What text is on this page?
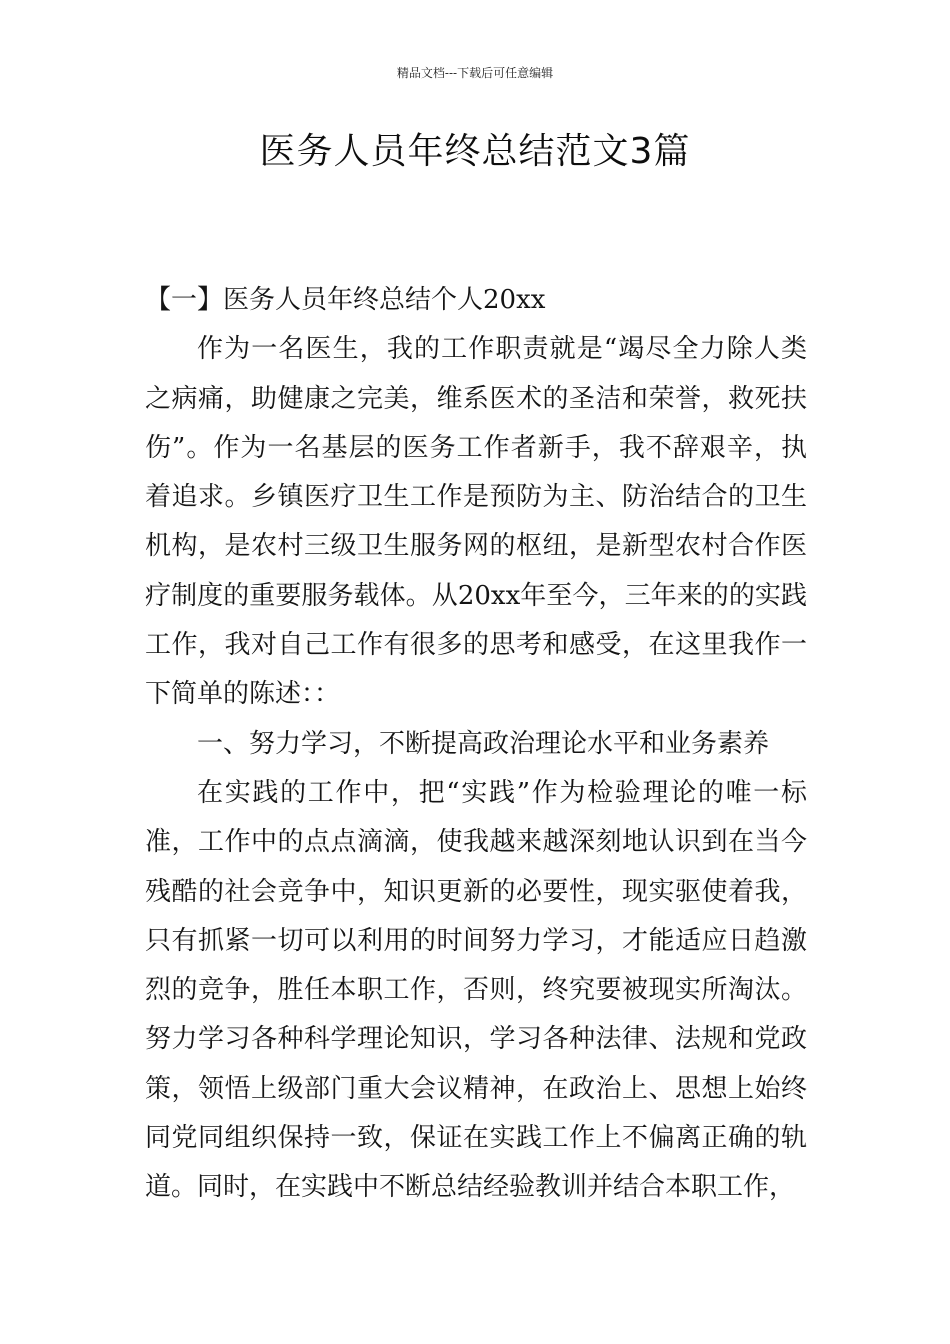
精品文档---下载后可任意编辑
医务人员年终总结范文3篇

【一】医务人员年终总结个人20xx

作为一名医生，我的工作职责就是“竭尽全力除人类之病痛，助健康之完美，维系医术的圣洁和荣誉，救死扶伤”。作为一名基层的医务工作者新手，我不辞艰辛，执着追求。乡镇医疗卫生工作是预防为主、防治结合的卫生机构，是农村三级卫生服务网的枢纽，是新型农村合作医疗制度的重要服务载体。从20xx年至今，三年来的的实践工作，我对自己工作有很多的思考和感受，在这里我作一下简单的陈述：：

一、努力学习，不断提高政治理论水平和业务素养

在实践的工作中，把“实践”作为检验理论的唯一标准，工作中的点点滴滴，使我越来越深刻地认识到在当今残酷的社会竞争中，知识更新的必要性，现实驱使着我，只有抓紧一切可以利用的时间努力学习，才能适应日趋激烈的竞争，胜任本职工作，否则，终究要被现实所淘汰。努力学习各种科学理论知识，学习各种法律、法规和党政策，领悟上级部门重大会议精神，在政治上、思想上始终同党同组织保持一致，保证在实践工作上不偏离正确的轨道。同时，在实践中不断总结经验教训并结合本职工作，
